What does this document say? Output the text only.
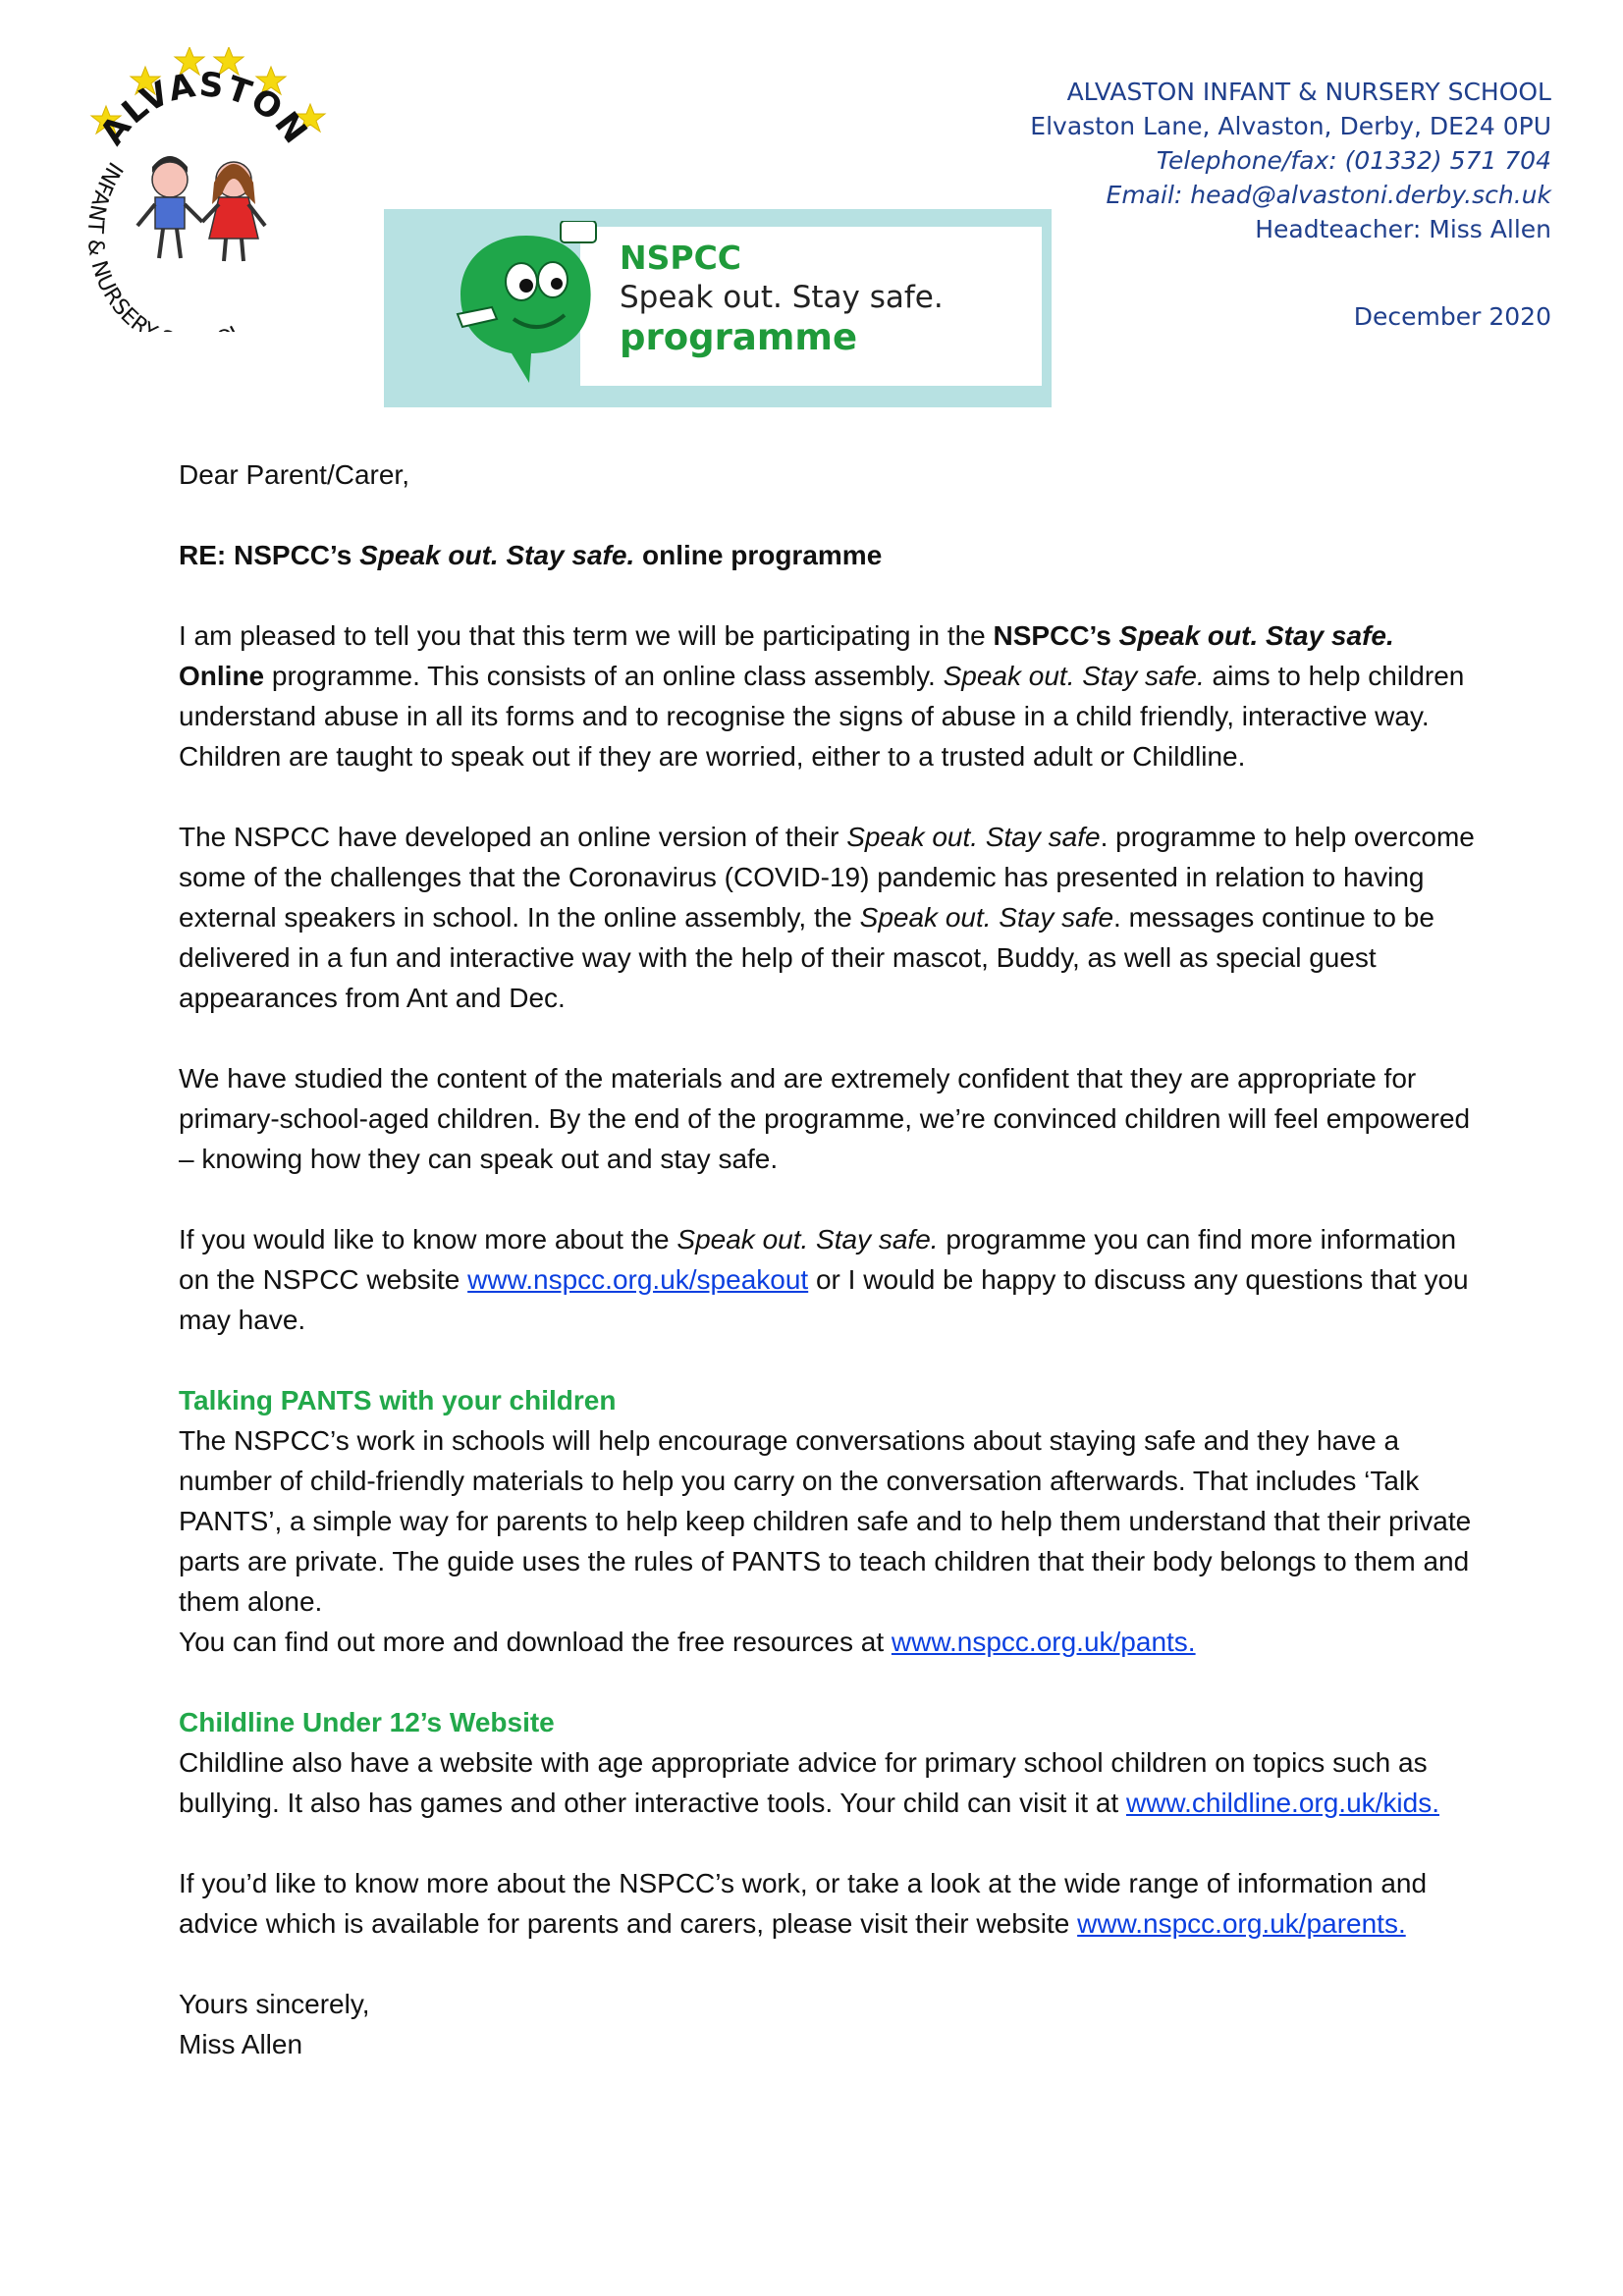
ALVASTON
INFANT & NURSER
NSPCC
Speak out. Stay safe.
programme
ALVASTON INFANT & NURSERY SCHOOL
Elvaston Lane, Alvaston, Derby, DE24 0PU
Telephone/fax: (01332) 571 704
Email: head@alvastoni.derby.sch.uk
Headteacher: Miss Allen
December 2020

Dear Parent/Carer,

RE: NSPCC’s Speak out. Stay safe. online programme

I am pleased to tell you that this term we will be participating in the NSPCC’s Speak out. Stay safe. Online programme. This consists of an online class assembly. Speak out. Stay safe. aims to help children understand abuse in all its forms and to recognise the signs of abuse in a child friendly, interactive way. Children are taught to speak out if they are worried, either to a trusted adult or Childline.

The NSPCC have developed an online version of their Speak out. Stay safe. programme to help overcome some of the challenges that the Coronavirus (COVID-19) pandemic has presented in relation to having external speakers in school. In the online assembly, the Speak out. Stay safe. messages continue to be delivered in a fun and interactive way with the help of their mascot, Buddy, as well as special guest appearances from Ant and Dec.

We have studied the content of the materials and are extremely confident that they are appropriate for primary-school-aged children. By the end of the programme, we’re convinced children will feel empowered – knowing how they can speak out and stay safe.

If you would like to know more about the Speak out. Stay safe. programme you can find more information on the NSPCC website www.nspcc.org.uk/speakout or I would be happy to discuss any questions that you may have.

Talking PANTS with your children

The NSPCC’s work in schools will help encourage conversations about staying safe and they have a number of child-friendly materials to help you carry on the conversation afterwards. That includes ‘Talk PANTS’, a simple way for parents to help keep children safe and to help them understand that their private parts are private. The guide uses the rules of PANTS to teach children that their body belongs to them and them alone.

You can find out more and download the free resources at www.nspcc.org.uk/pants.

Childline Under 12’s Website

Childline also have a website with age appropriate advice for primary school children on topics such as bullying. It also has games and other interactive tools. Your child can visit it at www.childline.org.uk/kids.

If you’d like to know more about the NSPCC’s work, or take a look at the wide range of information and advice which is available for parents and carers, please visit their website www.nspcc.org.uk/parents.

Yours sincerely,

Miss Allen
